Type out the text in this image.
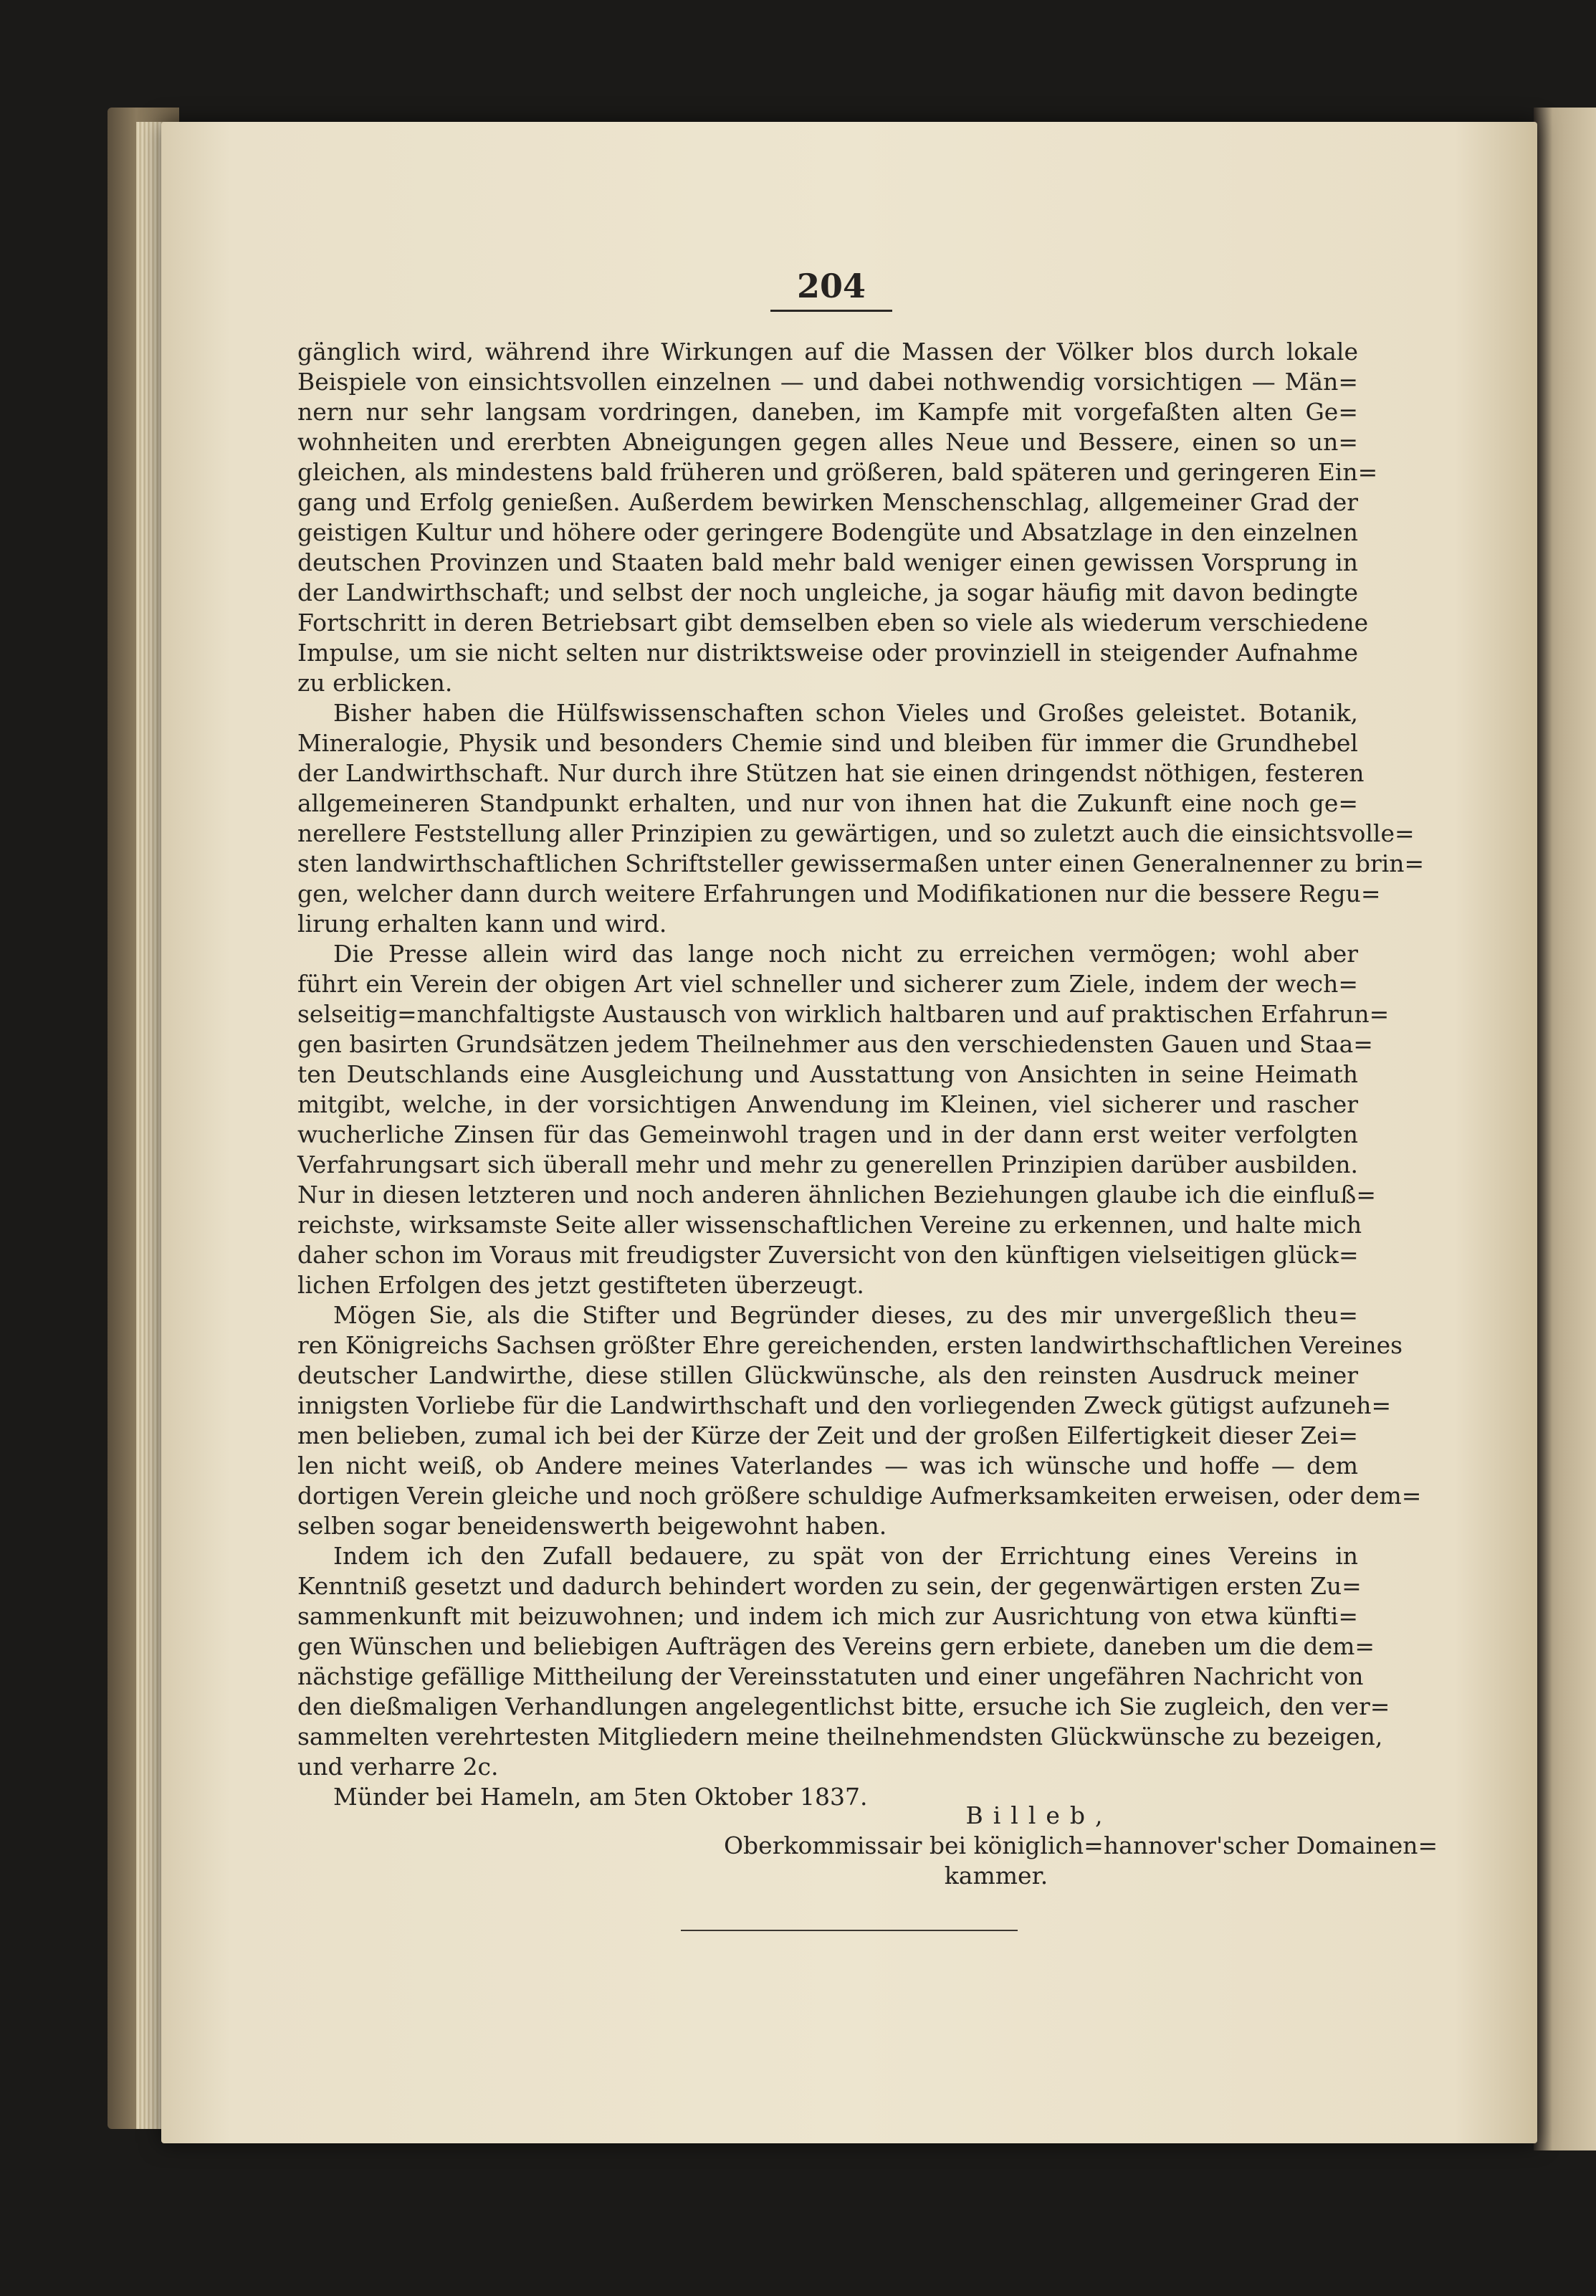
204
gänglich wird, während ihre Wirkungen auf die Massen der Völker blos durch lokale
Beispiele von einsichtsvollen einzelnen — und dabei nothwendig vorsichtigen — Män=
nern nur sehr langsam vordringen, daneben, im Kampfe mit vorgefaßten alten Ge=
wohnheiten und ererbten Abneigungen gegen alles Neue und Bessere, einen so un=
gleichen, als mindestens bald früheren und größeren, bald späteren und geringeren Ein=
gang und Erfolg genießen. Außerdem bewirken Menschenschlag, allgemeiner Grad der
geistigen Kultur und höhere oder geringere Bodengüte und Absatzlage in den einzelnen
deutschen Provinzen und Staaten bald mehr bald weniger einen gewissen Vorsprung in
der Landwirthschaft; und selbst der noch ungleiche, ja sogar häufig mit davon bedingte
Fortschritt in deren Betriebsart gibt demselben eben so viele als wiederum verschiedene
Impulse, um sie nicht selten nur distriktsweise oder provinziell in steigender Aufnahme
zu erblicken.
Bisher haben die Hülfswissenschaften schon Vieles und Großes geleistet. Botanik,
Mineralogie, Physik und besonders Chemie sind und bleiben für immer die Grundhebel
der Landwirthschaft. Nur durch ihre Stützen hat sie einen dringendst nöthigen, festeren
allgemeineren Standpunkt erhalten, und nur von ihnen hat die Zukunft eine noch ge=
nerellere Feststellung aller Prinzipien zu gewärtigen, und so zuletzt auch die einsichtsvolle=
sten landwirthschaftlichen Schriftsteller gewissermaßen unter einen Generalnenner zu brin=
gen, welcher dann durch weitere Erfahrungen und Modifikationen nur die bessere Regu=
lirung erhalten kann und wird.
Die Presse allein wird das lange noch nicht zu erreichen vermögen; wohl aber
führt ein Verein der obigen Art viel schneller und sicherer zum Ziele, indem der wech=
selseitig=manchfaltigste Austausch von wirklich haltbaren und auf praktischen Erfahrun=
gen basirten Grundsätzen jedem Theilnehmer aus den verschiedensten Gauen und Staa=
ten Deutschlands eine Ausgleichung und Ausstattung von Ansichten in seine Heimath
mitgibt, welche, in der vorsichtigen Anwendung im Kleinen, viel sicherer und rascher
wucherliche Zinsen für das Gemeinwohl tragen und in der dann erst weiter verfolgten
Verfahrungsart sich überall mehr und mehr zu generellen Prinzipien darüber ausbilden.
Nur in diesen letzteren und noch anderen ähnlichen Beziehungen glaube ich die einfluß=
reichste, wirksamste Seite aller wissenschaftlichen Vereine zu erkennen, und halte mich
daher schon im Voraus mit freudigster Zuversicht von den künftigen vielseitigen glück=
lichen Erfolgen des jetzt gestifteten überzeugt.
Mögen Sie, als die Stifter und Begründer dieses, zu des mir unvergeßlich theu=
ren Königreichs Sachsen größter Ehre gereichenden, ersten landwirthschaftlichen Vereines
deutscher Landwirthe, diese stillen Glückwünsche, als den reinsten Ausdruck meiner
innigsten Vorliebe für die Landwirthschaft und den vorliegenden Zweck gütigst aufzuneh=
men belieben, zumal ich bei der Kürze der Zeit und der großen Eilfertigkeit dieser Zei=
len nicht weiß, ob Andere meines Vaterlandes — was ich wünsche und hoffe — dem
dortigen Verein gleiche und noch größere schuldige Aufmerksamkeiten erweisen, oder dem=
selben sogar beneidenswerth beigewohnt haben.
Indem ich den Zufall bedauere, zu spät von der Errichtung eines Vereins in
Kenntniß gesetzt und dadurch behindert worden zu sein, der gegenwärtigen ersten Zu=
sammenkunft mit beizuwohnen; und indem ich mich zur Ausrichtung von etwa künfti=
gen Wünschen und beliebigen Aufträgen des Vereins gern erbiete, daneben um die dem=
nächstige gefällige Mittheilung der Vereinsstatuten und einer ungefähren Nachricht von
den dießmaligen Verhandlungen angelegentlichst bitte, ersuche ich Sie zugleich, den ver=
sammelten verehrtesten Mitgliedern meine theilnehmendsten Glückwünsche zu bezeigen,
und verharre 2c.
Münder bei Hameln, am 5ten Oktober 1837.
Billeb,
Oberkommissair bei königlich=hannover'scher Domainen=
kammer.
